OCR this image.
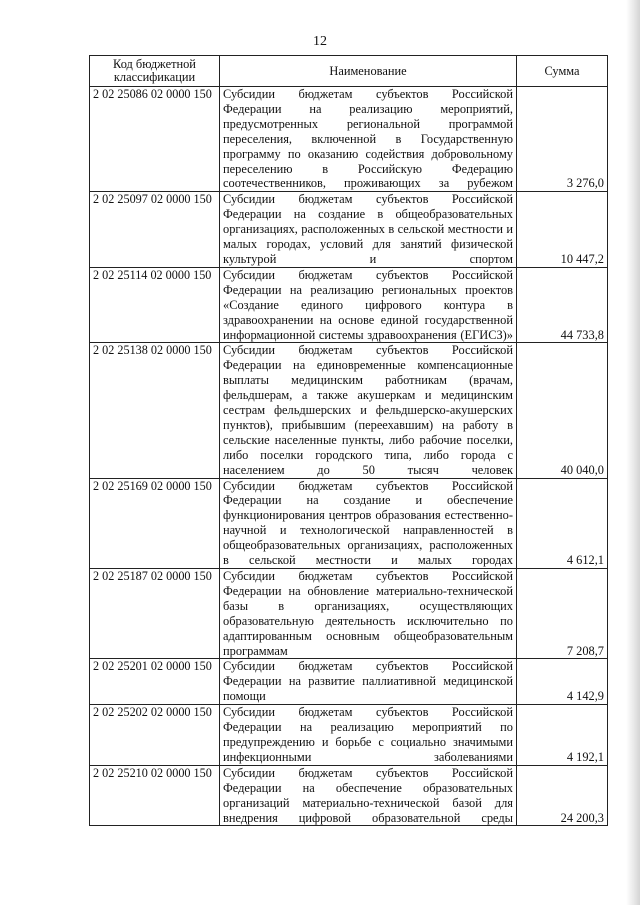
12
Код бюджетной классификации	Наименование	Сумма
2 02 25086 02 0000 150	Субсидии бюджетам субъектов Российской Федерации на реализацию мероприятий, предусмотренных региональной программой переселения, включенной в Государственную программу по оказанию содействия добровольному переселению в Российскую Федерацию соотечественников, проживающих за рубежом	3 276,0
2 02 25097 02 0000 150	Субсидии бюджетам субъектов Российской Федерации на создание в общеобразовательных организациях, расположенных в сельской местности и малых городах, условий для занятий физической культурой и спортом	10 447,2
2 02 25114 02 0000 150	Субсидии бюджетам субъектов Российской Федерации на реализацию региональных проектов «Создание единого цифрового контура в здравоохранении на основе единой государственной информационной системы здравоохранения (ЕГИСЗ)»	44 733,8
2 02 25138 02 0000 150	Субсидии бюджетам субъектов Российской Федерации на единовременные компенсационные выплаты медицинским работникам (врачам, фельдшерам, а также акушеркам и медицинским сестрам фельдшерских и фельдшерско-акушерских пунктов), прибывшим (переехавшим) на работу в сельские населенные пункты, либо рабочие поселки, либо поселки городского типа, либо города с населением до 50 тысяч человек	40 040,0
2 02 25169 02 0000 150	Субсидии бюджетам субъектов Российской Федерации на создание и обеспечение функционирования центров образования естественно-научной и технологической направленностей в общеобразовательных организациях, расположенных в сельской местности и малых городах	4 612,1
2 02 25187 02 0000 150	Субсидии бюджетам субъектов Российской Федерации на обновление материально-технической базы в организациях, осуществляющих образовательную деятельность исключительно по адаптированным основным общеобразовательным программам	7 208,7
2 02 25201 02 0000 150	Субсидии бюджетам субъектов Российской Федерации на развитие паллиативной медицинской помощи	4 142,9
2 02 25202 02 0000 150	Субсидии бюджетам субъектов Российской Федерации на реализацию мероприятий по предупреждению и борьбе с социально значимыми инфекционными заболеваниями	4 192,1
2 02 25210 02 0000 150	Субсидии бюджетам субъектов Российской Федерации на обеспечение образовательных организаций материально-технической базой для внедрения цифровой образовательной среды	24 200,3
